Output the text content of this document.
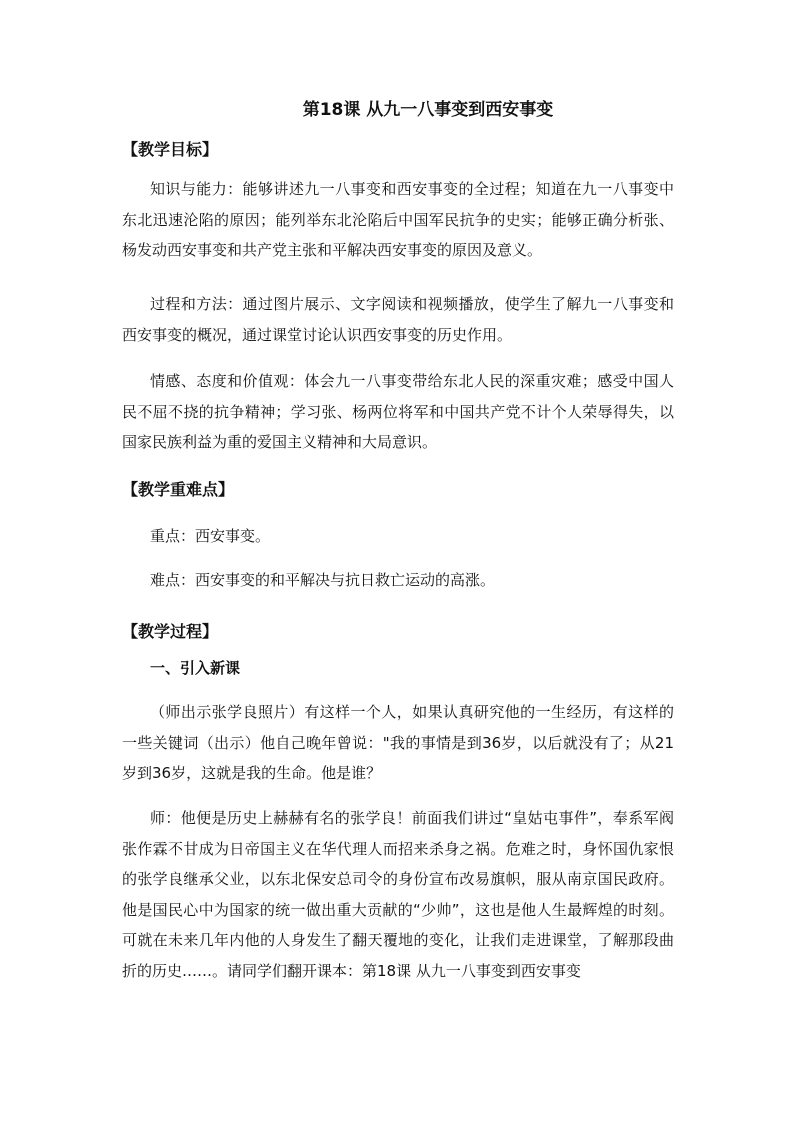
第18课 从九一八事变到西安事变
【教学目标】
知识与能力：能够讲述九一八事变和西安事变的全过程；知道在九一八事变中东北迅速沦陷的原因；能列举东北沦陷后中国军民抗争的史实；能够正确分析张、杨发动西安事变和共产党主张和平解决西安事变的原因及意义。
过程和方法：通过图片展示、文字阅读和视频播放，使学生了解九一八事变和西安事变的概况，通过课堂讨论认识西安事变的历史作用。
情感、态度和价值观：体会九一八事变带给东北人民的深重灾难；感受中国人民不屈不挠的抗争精神；学习张、杨两位将军和中国共产党不计个人荣辱得失，以国家民族利益为重的爱国主义精神和大局意识。
【教学重难点】
重点：西安事变。
难点：西安事变的和平解决与抗日救亡运动的高涨。
【教学过程】
一、引入新课
（师出示张学良照片）有这样一个人，如果认真研究他的一生经历，有这样的一些关键词（出示）他自己晚年曾说："我的事情是到36岁，以后就没有了；从21岁到36岁，这就是我的生命。他是谁？
师：他便是历史上赫赫有名的张学良！前面我们讲过“皇姑屯事件”，奉系军阀张作霖不甘成为日帝国主义在华代理人而招来杀身之祸。危难之时，身怀国仇家恨的张学良继承父业，以东北保安总司令的身份宣布改易旗帜，服从南京国民政府。他是国民心中为国家的统一做出重大贡献的“少帅”，这也是他人生最辉煌的时刻。可就在未来几年内他的人身发生了翻天覆地的变化，让我们走进课堂，了解那段曲折的历史……。请同学们翻开课本：第18课 从九一八事变到西安事变
